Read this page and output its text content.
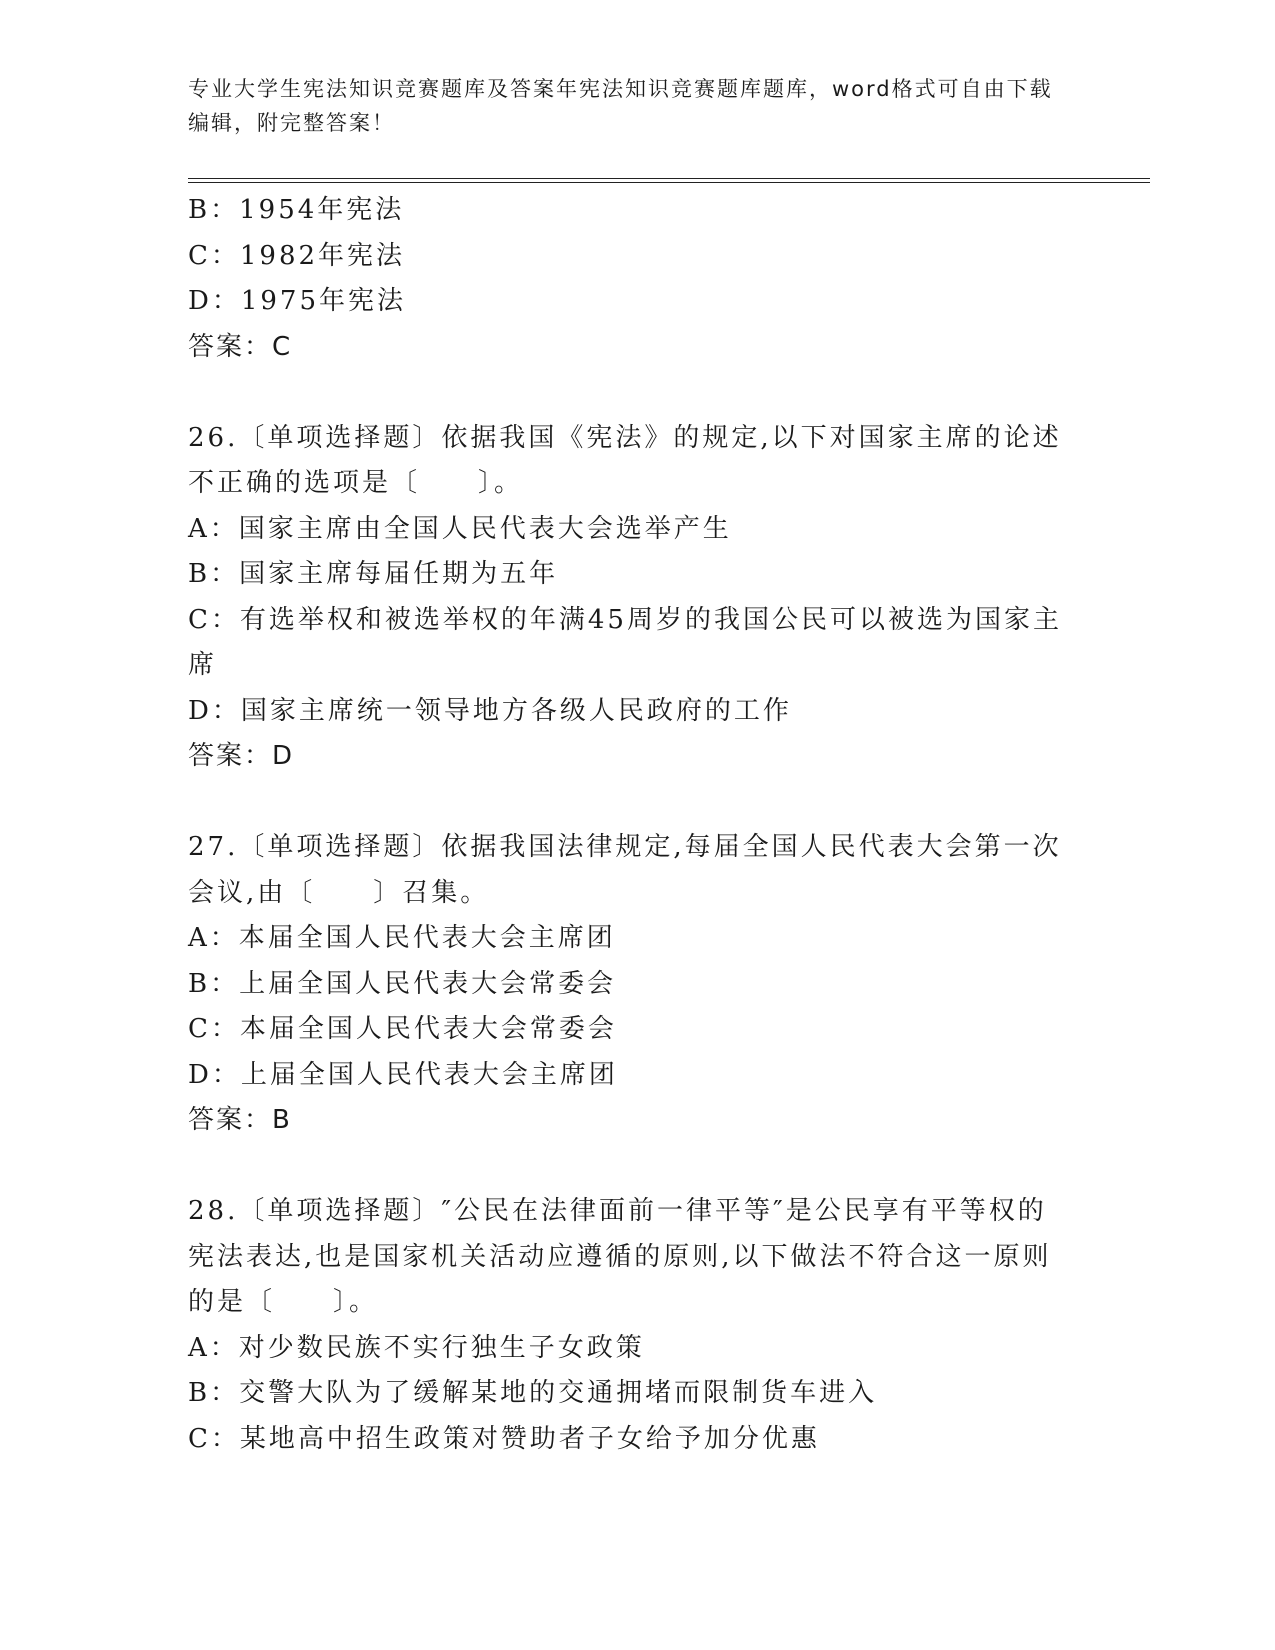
专业大学生宪法知识竞赛题库及答案年宪法知识竞赛题库题库，word格式可自由下载编辑，附完整答案！
B：1954年宪法
C：1982年宪法
D：1975年宪法
答案：C
26.〔单项选择题〕依据我国《宪法》的规定,以下对国家主席的论述不正确的选项是〔　　〕。
A：国家主席由全国人民代表大会选举产生
B：国家主席每届任期为五年
C：有选举权和被选举权的年满45周岁的我国公民可以被选为国家主席
D：国家主席统一领导地方各级人民政府的工作
答案：D
27.〔单项选择题〕依据我国法律规定,每届全国人民代表大会第一次会议,由〔　　〕召集。
A：本届全国人民代表大会主席团
B：上届全国人民代表大会常委会
C：本届全国人民代表大会常委会
D：上届全国人民代表大会主席团
答案：B
28.〔单项选择题〕″公民在法律面前一律平等″是公民享有平等权的宪法表达,也是国家机关活动应遵循的原则,以下做法不符合这一原则的是〔　　〕。
A：对少数民族不实行独生子女政策
B：交警大队为了缓解某地的交通拥堵而限制货车进入
C：某地高中招生政策对赞助者子女给予加分优惠
